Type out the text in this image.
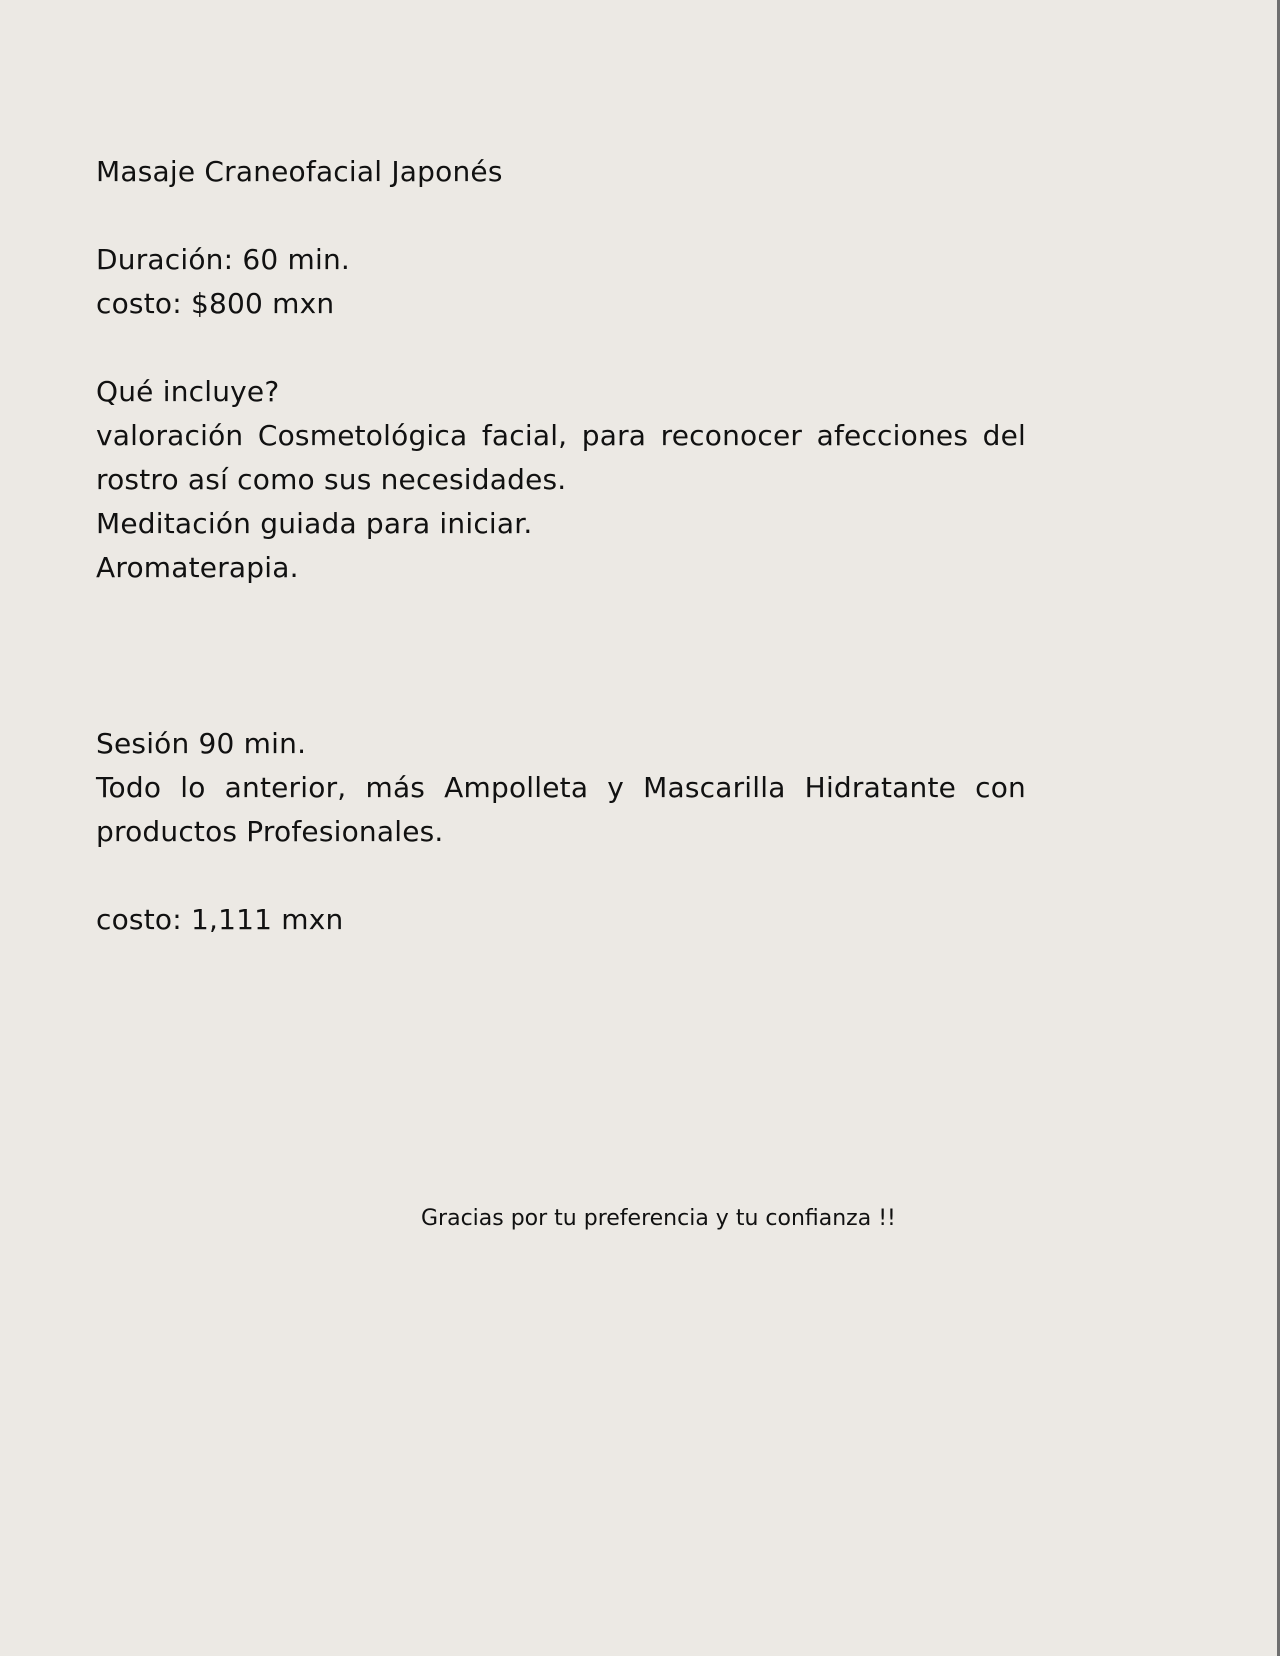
Masaje Craneofacial Japonés
Duración: 60 min.
costo: $800 mxn
Qué incluye?
valoración Cosmetológica facial, para reconocer afecciones del rostro así como sus necesidades.
Meditación guiada para iniciar.
Aromaterapia.
Sesión 90 min.
Todo lo anterior, más Ampolleta y Mascarilla Hidratante con productos Profesionales.
costo: 1,111 mxn
Gracias por tu preferencia y tu confianza !!
